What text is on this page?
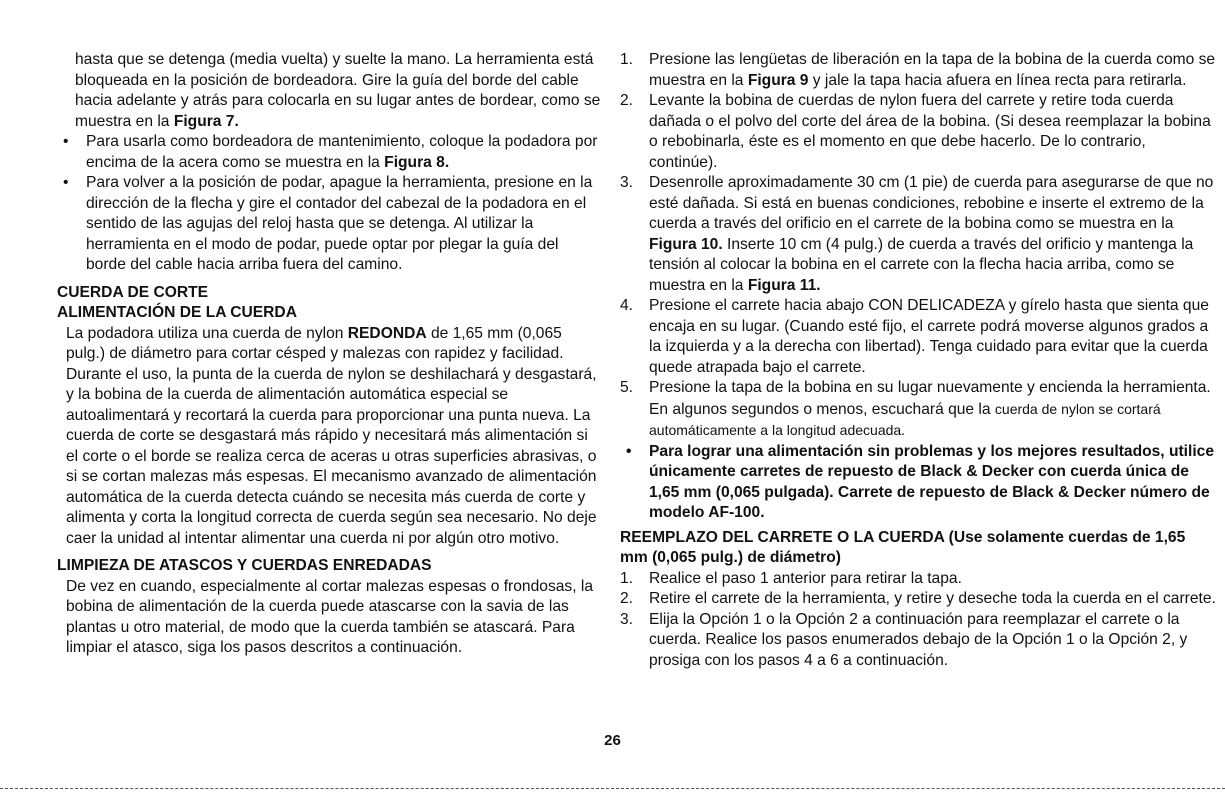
hasta que se detenga (media vuelta) y suelte la mano. La herramienta está bloqueada en la posición de bordeadora. Gire la guía del borde del cable hacia adelante y atrás para colocarla en su lugar antes de bordear, como se muestra en la Figura 7.

• Para usarla como bordeadora de mantenimiento, coloque la podadora por encima de la acera como se muestra en la Figura 8.

• Para volver a la posición de podar, apague la herramienta, presione en la dirección de la flecha y gire el contador del cabezal de la podadora en el sentido de las agujas del reloj hasta que se detenga. Al utilizar la herramienta en el modo de podar, puede optar por plegar la guía del borde del cable hacia arriba fuera del camino.

CUERDA DE CORTE

ALIMENTACIÓN DE LA CUERDA

La podadora utiliza una cuerda de nylon REDONDA de 1,65 mm (0,065 pulg.) de diámetro para cortar césped y malezas con rapidez y facilidad. Durante el uso, la punta de la cuerda de nylon se deshilachará y desgastará, y la bobina de la cuerda de alimentación automática especial se autoalimentará y recortará la cuerda para proporcionar una punta nueva. La cuerda de corte se desgastará más rápido y necesitará más alimentación si el corte o el borde se realiza cerca de aceras u otras superficies abrasivas, o si se cortan malezas más espesas. El mecanismo avanzado de alimentación automática de la cuerda detecta cuándo se necesita más cuerda de corte y alimenta y corta la longitud correcta de cuerda según sea necesario. No deje caer la unidad al intentar alimentar una cuerda ni por algún otro motivo.

LIMPIEZA DE ATASCOS Y CUERDAS ENREDADAS

De vez en cuando, especialmente al cortar malezas espesas o frondosas, la bobina de alimentación de la cuerda puede atascarse con la savia de las plantas u otro material, de modo que la cuerda también se atascará. Para limpiar el atasco, siga los pasos descritos a continuación.

1. Presione las lengüetas de liberación en la tapa de la bobina de la cuerda como se muestra en la Figura 9 y jale la tapa hacia afuera en línea recta para retirarla.

2. Levante la bobina de cuerdas de nylon fuera del carrete y retire toda cuerda dañada o el polvo del corte del área de la bobina. (Si desea reemplazar la bobina o rebobinarla, éste es el momento en que debe hacerlo. De lo contrario, continúe).

3. Desenrolle aproximadamente 30 cm (1 pie) de cuerda para asegurarse de que no esté dañada. Si está en buenas condiciones, rebobine e inserte el extremo de la cuerda a través del orificio en el carrete de la bobina como se muestra en la Figura 10. Inserte 10 cm (4 pulg.) de cuerda a través del orificio y mantenga la tensión al colocar la bobina en el carrete con la flecha hacia arriba, como se muestra en la Figura 11.

4. Presione el carrete hacia abajo CON DELICADEZA y gírelo hasta que sienta que encaja en su lugar. (Cuando esté fijo, el carrete podrá moverse algunos grados a la izquierda y a la derecha con libertad). Tenga cuidado para evitar que la cuerda quede atrapada bajo el carrete.

5. Presione la tapa de la bobina en su lugar nuevamente y encienda la herramienta. En algunos segundos o menos, escuchará que la cuerda de nylon se cortará automáticamente a la longitud adecuada.

• Para lograr una alimentación sin problemas y los mejores resultados, utilice únicamente carretes de repuesto de Black & Decker con cuerda única de 1,65 mm (0,065 pulgada). Carrete de repuesto de Black & Decker número de modelo AF-100.

REEMPLAZO DEL CARRETE O LA CUERDA (Use solamente cuerdas de 1,65 mm (0,065 pulg.) de diámetro)

1. Realice el paso 1 anterior para retirar la tapa.

2. Retire el carrete de la herramienta, y retire y deseche toda la cuerda en el carrete.

3. Elija la Opción 1 o la Opción 2 a continuación para reemplazar el carrete o la cuerda. Realice los pasos enumerados debajo de la Opción 1 o la Opción 2, y prosiga con los pasos 4 a 6 a continuación.

26
